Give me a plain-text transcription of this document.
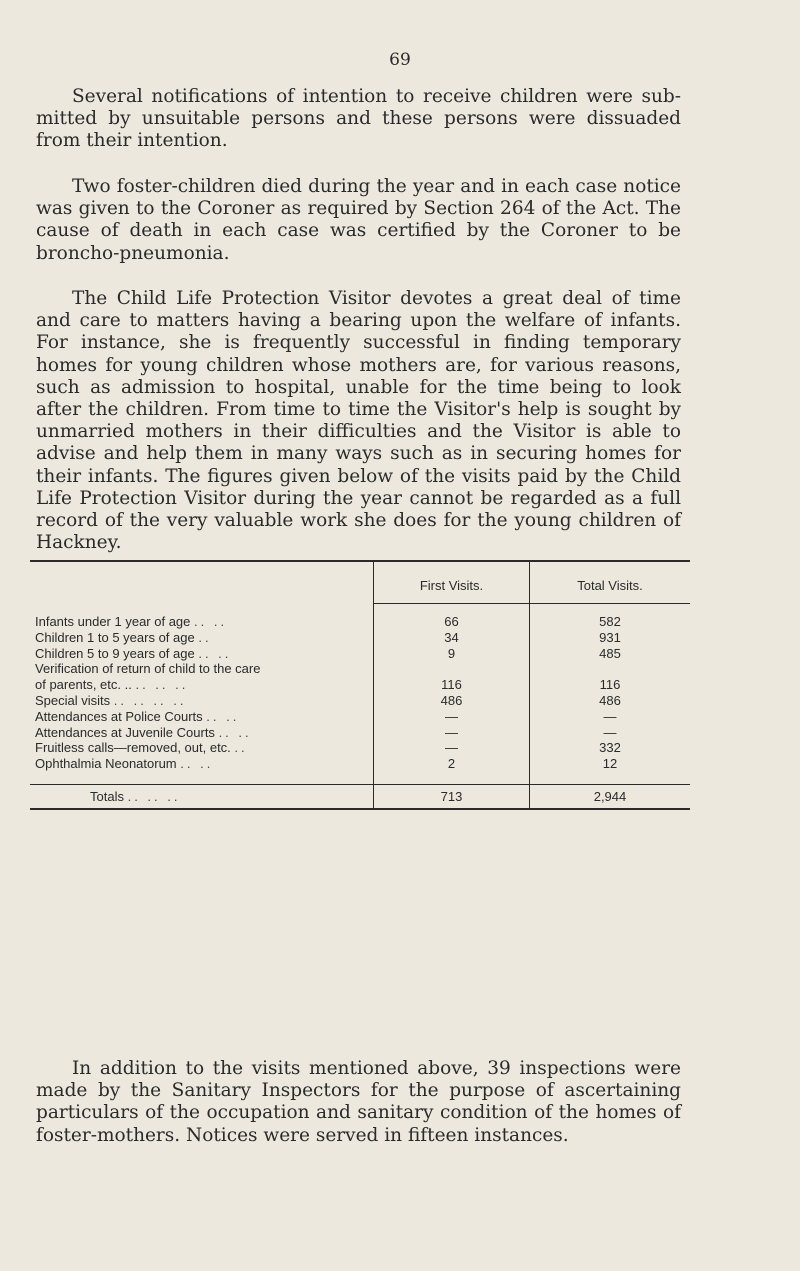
69

Several notifications of intention to receive children were sub-mitted by unsuitable persons and these persons were dissuaded from their intention.

Two foster-children died during the year and in each case notice was given to the Coroner as required by Section 264 of the Act. The cause of death in each case was certified by the Coroner to be broncho-pneumonia.

The Child Life Protection Visitor devotes a great deal of time and care to matters having a bearing upon the welfare of infants. For instance, she is frequently successful in finding temporary homes for young children whose mothers are, for various reasons, such as admission to hospital, unable for the time being to look after the children. From time to time the Visitor's help is sought by unmarried mothers in their difficulties and the Visitor is able to advise and help them in many ways such as in securing homes for their infants. The figures given below of the visits paid by the Child Life Protection Visitor during the year cannot be regarded as a full record of the very valuable work she does for the young children of Hackney.

	First Visits.	Total Visits.
Infants under 1 year of age .. ..	66	582
Children 1 to 5 years of age ..	34	931
Children 5 to 9 years of age .. ..	9	485
Verification of return of child to the care		
of parents, etc. .. .. .. ..	116	116
Special visits .. .. .. ..	486	486
Attendances at Police Courts .. ..	—	—
Attendances at Juvenile Courts .. ..	—	—
Fruitless calls—removed, out, etc. ..	—	332
Ophthalmia Neonatorum .. ..	2	12
Totals .. .. ..	713	2,944

In addition to the visits mentioned above, 39 inspections were made by the Sanitary Inspectors for the purpose of ascertaining particulars of the occupation and sanitary condition of the homes of foster-mothers. Notices were served in fifteen instances.
